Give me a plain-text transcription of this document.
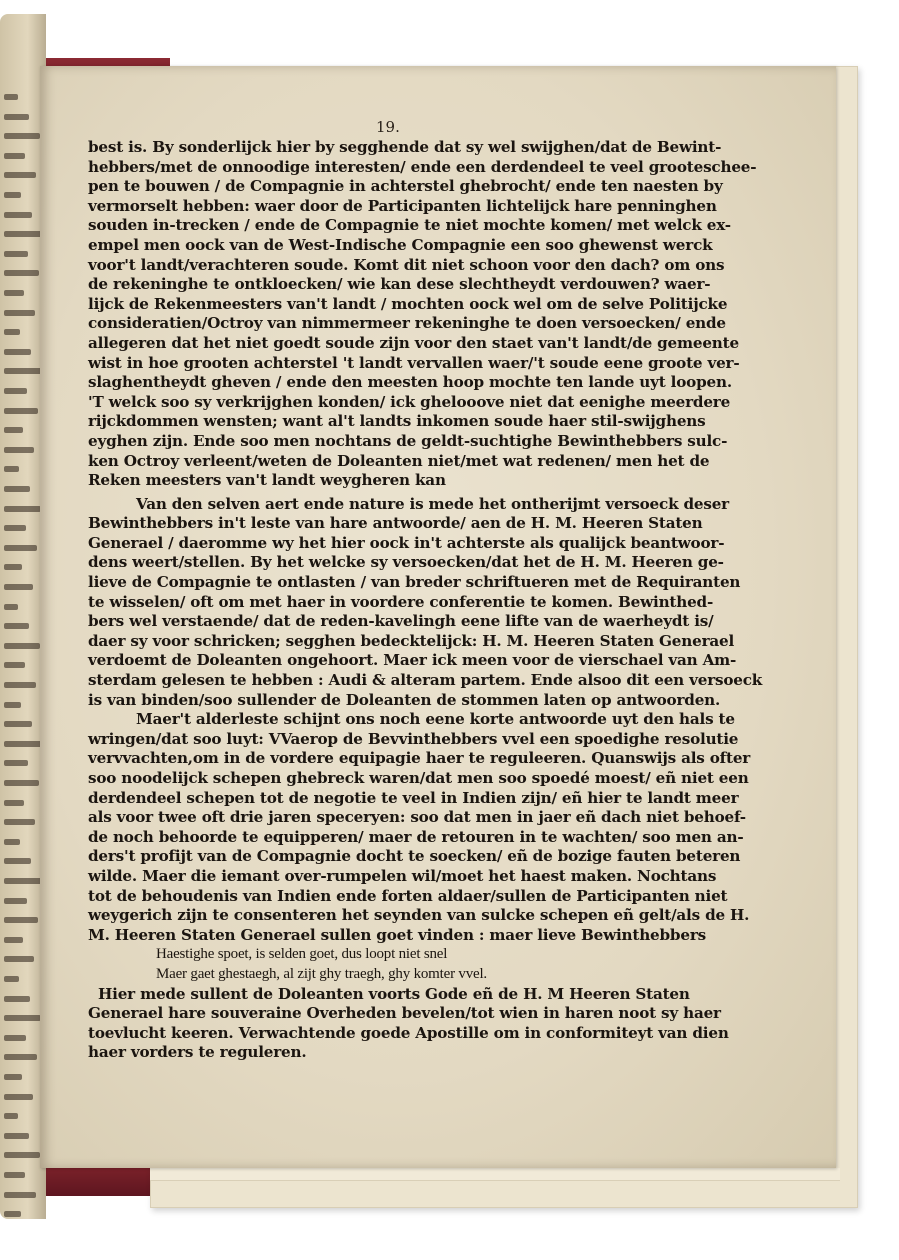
19.
best is. By sonderlijck hier by segghende dat sy wel swijghen/dat de Bewint-
hebbers/met de onnoodige interesten/ ende een derdendeel te veel grooteschee-
pen te bouwen / de Compagnie in achterstel ghebrocht/ ende ten naesten by
vermorselt hebben: waer door de Participanten lichtelijck hare penninghen
souden in-trecken / ende de Compagnie te niet mochte komen/ met welck ex-
empel men oock van de West-Indische Compagnie een soo ghewenst werck
voor't landt/verachteren soude. Komt dit niet schoon voor den dach? om ons
de rekeninghe te ontkloecken/ wie kan dese slechtheydt verdouwen? waer-
lijck de Rekenmeesters van't landt / mochten oock wel om de selve Politijcke
consideratien/Octroy van nimmermeer rekeninghe te doen versoecken/ ende
allegeren dat het niet goedt soude zijn voor den staet van't landt/de gemeente
wist in hoe grooten achterstel 't landt vervallen waer/'t soude eene groote ver-
slaghentheydt gheven / ende den meesten hoop mochte ten lande uyt loopen.
'T welck soo sy verkrijghen konden/ ick ghelooove niet dat eenighe meerdere
rijckdommen wensten; want al't landts inkomen soude haer stil-swijghens
eyghen zijn. Ende soo men nochtans de geldt-suchtighe Bewinthebbers sulc-
ken Octroy verleent/weten de Doleanten niet/met wat redenen/ men het de
Reken meesters van't landt weygheren kan
Van den selven aert ende nature is mede het ontherijmt versoeck deser
Bewinthebbers in't leste van hare antwoorde/ aen de H. M. Heeren Staten
Generael / daeromme wy het hier oock in't achterste als qualijck beantwoor-
dens weert/stellen. By het welcke sy versoecken/dat het de H. M. Heeren ge-
lieve de Compagnie te ontlasten / van breder schriftueren met de Requiranten
te wisselen/ oft om met haer in voordere conferentie te komen. Bewinthed-
bers wel verstaende/ dat de reden-kavelingh eene lifte van de waerheydt is/
daer sy voor schricken; segghen bedecktelijck: H. M. Heeren Staten Generael
verdoemt de Doleanten ongehoort. Maer ick meen voor de vierschael van Am-
sterdam gelesen te hebben : Audi & alteram partem. Ende alsoo dit een versoeck
is van binden/soo sullender de Doleanten de stommen laten op antwoorden.
Maer't alderleste schijnt ons noch eene korte antwoorde uyt den hals te
wringen/dat soo luyt: VVaerop de Bevvinthebbers vvel een spoedighe resolutie
vervvachten,om in de vordere equipagie haer te reguleeren. Quanswijs als ofter
soo noodelijck schepen ghebreck waren/dat men soo spoedé moest/ eñ niet een
derdendeel schepen tot de negotie te veel in Indien zijn/ eñ hier te landt meer
als voor twee oft drie jaren speceryen: soo dat men in jaer eñ dach niet behoef-
de noch behoorde te equipperen/ maer de retouren in te wachten/ soo men an-
ders't profijt van de Compagnie docht te soecken/ eñ de bozige fauten beteren
wilde. Maer die iemant over-rumpelen wil/moet het haest maken. Nochtans
tot de behoudenis van Indien ende forten aldaer/sullen de Participanten niet
weygerich zijn te consenteren het seynden van sulcke schepen eñ gelt/als de H.
M. Heeren Staten Generael sullen goet vinden : maer lieve Bewinthebbers
Haestighe spoet, is selden goet, dus loopt niet snel
Maer gaet ghestaegh, al zijt ghy traegh, ghy komter vvel.
Hier mede sullent de Doleanten voorts Gode eñ de H. M Heeren Staten
Generael hare souveraine Overheden bevelen/tot wien in haren noot sy haer
toevlucht keeren. Verwachtende goede Apostille om in conformiteyt van dien
haer vorders te reguleren.
